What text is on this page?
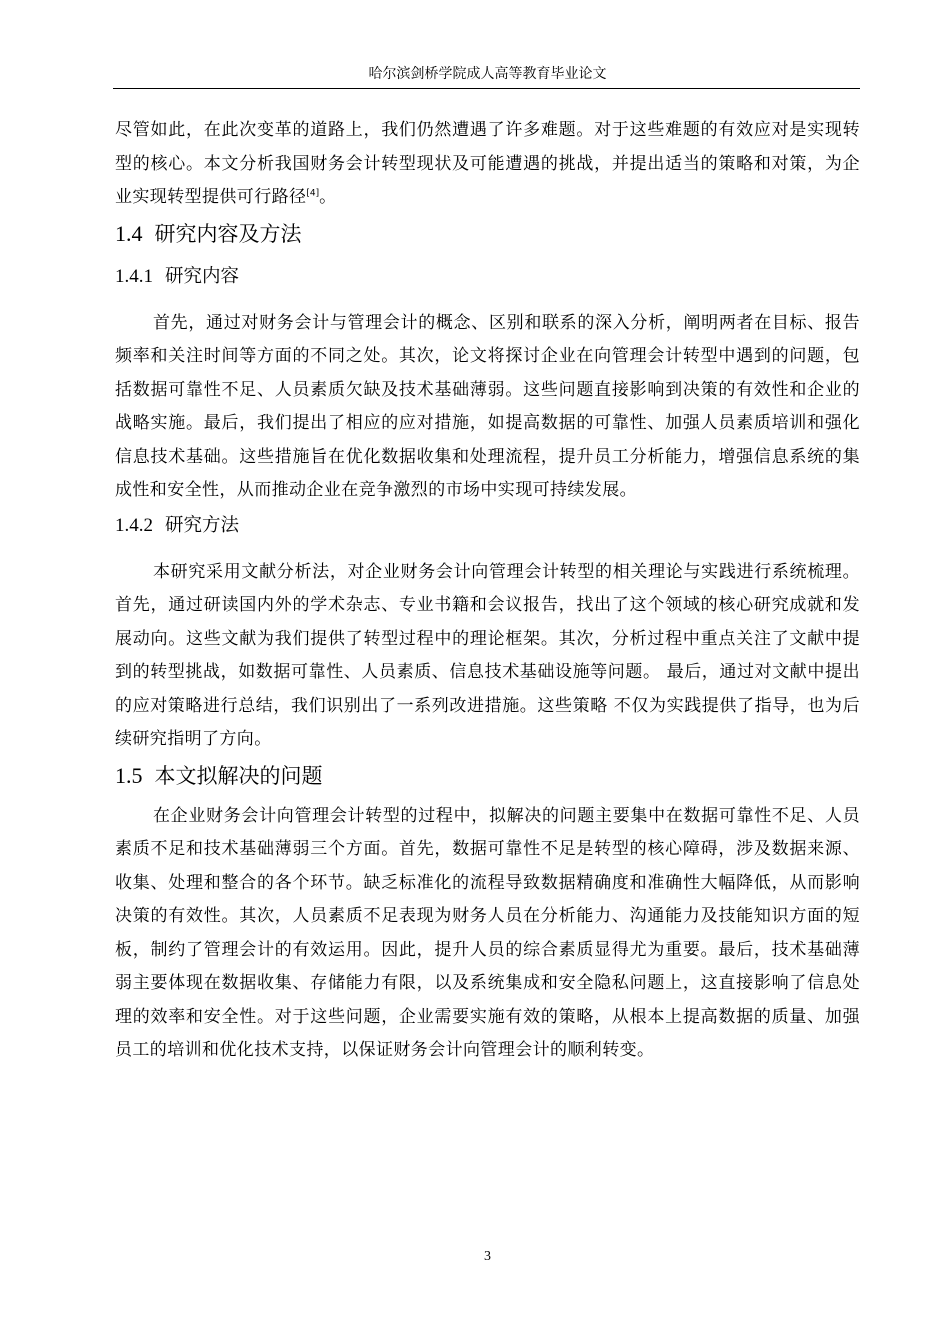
哈尔滨剑桥学院成人高等教育毕业论文

尽管如此，在此次变革的道路上，我们仍然遭遇了许多难题。对于这些难题的有效应对是实现转型的核心。本文分析我国财务会计转型现状及可能遭遇的挑战，并提出适当的策略和对策，为企业实现转型提供可行路径[4]。

1.4 研究内容及方法
1.4.1 研究内容

首先，通过对财务会计与管理会计的概念、区别和联系的深入分析，阐明两者在目标、报告频率和关注时间等方面的不同之处。其次，论文将探讨企业在向管理会计转型中遇到的问题，包括数据可靠性不足、人员素质欠缺及技术基础薄弱。这些问题直接影响到决策的有效性和企业的战略实施。最后，我们提出了相应的应对措施，如提高数据的可靠性、加强人员素质培训和强化信息技术基础。这些措施旨在优化数据收集和处理流程，提升员工分析能力，增强信息系统的集成性和安全性，从而推动企业在竞争激烈的市场中实现可持续发展。

1.4.2 研究方法

本研究采用文献分析法，对企业财务会计向管理会计转型的相关理论与实践进行系统梳理。首先，通过研读国内外的学术杂志、专业书籍和会议报告，找出了这个领域的核心研究成就和发展动向。这些文献为我们提供了转型过程中的理论框架。其次，分析过程中重点关注了文献中提到的转型挑战，如数据可靠性、人员素质、信息技术基础设施等问题。 最后，通过对文献中提出的应对策略进行总结，我们识别出了一系列改进措施。这些策略 不仅为实践提供了指导，也为后续研究指明了方向。

1.5 本文拟解决的问题

在企业财务会计向管理会计转型的过程中，拟解决的问题主要集中在数据可靠性不足、人员素质不足和技术基础薄弱三个方面。首先，数据可靠性不足是转型的核心障碍，涉及数据来源、收集、处理和整合的各个环节。缺乏标准化的流程导致数据精确度和准确性大幅降低，从而影响决策的有效性。其次，人员素质不足表现为财务人员在分析能力、沟通能力及技能知识方面的短板，制约了管理会计的有效运用。因此，提升人员的综合素质显得尤为重要。最后，技术基础薄弱主要体现在数据收集、存储能力有限，以及系统集成和安全隐私问题上，这直接影响了信息处理的效率和安全性。对于这些问题，企业需要实施有效的策略，从根本上提高数据的质量、加强员工的培训和优化技术支持，以保证财务会计向管理会计的顺利转变。

3
